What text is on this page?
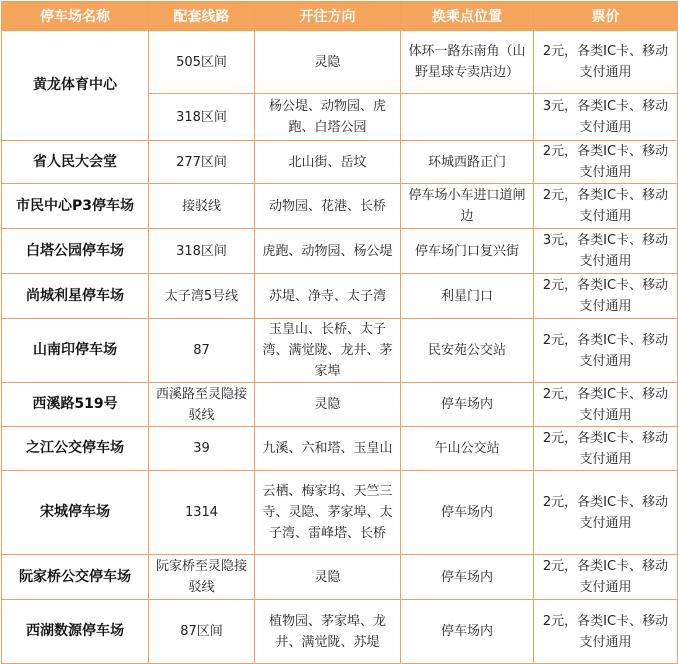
停车场名称	配套线路	开往方向	换乘点位置	票价
黄龙体育中心	505区间	灵隐	体环一路东南角（山野星球专卖店边）	2元，各类IC卡、移动支付通用
	318区间	杨公堤、动物园、虎跑、白塔公园		3元，各类IC卡、移动支付通用
省人民大会堂	277区间	北山街、岳坟	环城西路正门	2元，各类IC卡、移动支付通用
市民中心P3停车场	接驳线	动物园、花港、长桥	停车场小车进口道闸边	2元，各类IC卡、移动支付通用
白塔公园停车场	318区间	虎跑、动物园、杨公堤	停车场门口复兴街	3元，各类IC卡、移动支付通用
尚城利星停车场	太子湾5号线	苏堤、净寺、太子湾	利星门口	2元，各类IC卡、移动支付通用
山南印停车场	87	玉皇山、长桥、太子湾、满觉陇、龙井、茅家埠	民安苑公交站	2元，各类IC卡、移动支付通用
西溪路519号	西溪路至灵隐接驳线	灵隐	停车场内	2元，各类IC卡、移动支付通用
之江公交停车场	39	九溪、六和塔、玉皇山	午山公交站	2元，各类IC卡、移动支付通用
宋城停车场	1314	云栖、梅家坞、天竺三寺、灵隐、茅家埠、太子湾、雷峰塔、长桥	停车场内	2元，各类IC卡、移动支付通用
阮家桥公交停车场	阮家桥至灵隐接驳线	灵隐	停车场内	2元，各类IC卡、移动支付通用
西湖数源停车场	87区间	植物园、茅家埠、龙井、满觉陇、苏堤	停车场内	2元，各类IC卡、移动支付通用
